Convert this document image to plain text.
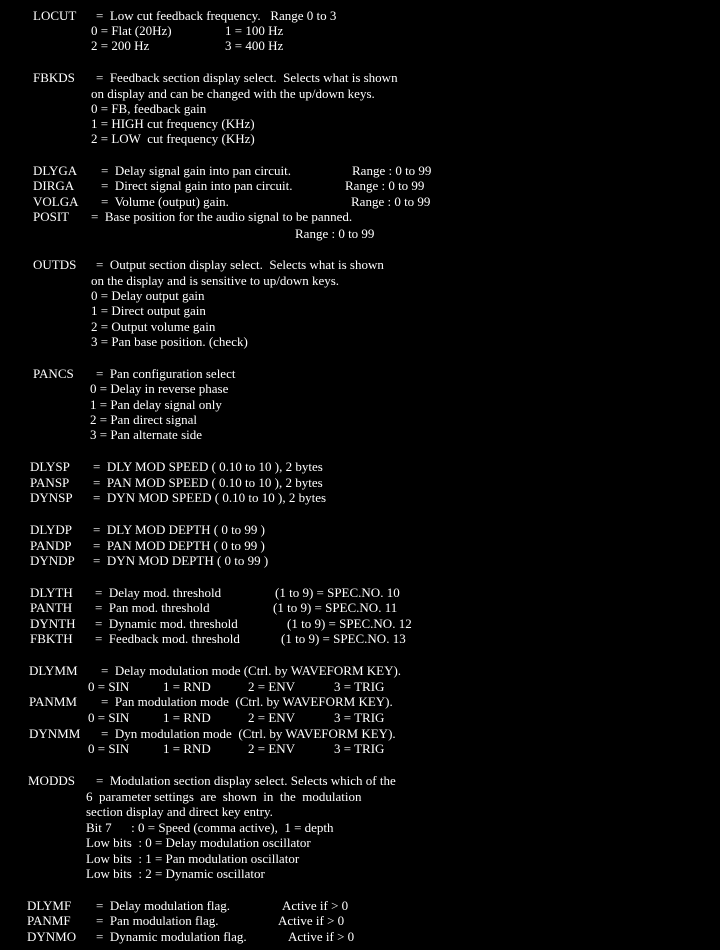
LOCUT =  Low cut feedback frequency.   Range 0 to 3
0 = Flat (20Hz)	1 = 100 Hz
2 = 200 Hz	3 = 400 Hz
FBKDS =  Feedback section display select.  Selects what is shown
on display and can be changed with the up/down keys.
0 = FB, feedback gain
1 = HIGH cut frequency (KHz)
2 = LOW  cut frequency (KHz)
DLYGA =  Delay signal gain into pan circuit.	Range : 0 to 99
DIRGA =  Direct signal gain into pan circuit.	Range : 0 to 99
VOLGA =  Volume (output) gain.	Range : 0 to 99
POSIT =  Base position for the audio signal to be panned.
Range : 0 to 99
OUTDS =  Output section display select.  Selects what is shown
on the display and is sensitive to up/down keys.
0 = Delay output gain
1 = Direct output gain
2 = Output volume gain
3 = Pan base position. (check)
PANCS =  Pan configuration select
0 = Delay in reverse phase
1 = Pan delay signal only
2 = Pan direct signal
3 = Pan alternate side
DLYSP =  DLY MOD SPEED ( 0.10 to 10 ), 2 bytes
PANSP =  PAN MOD SPEED ( 0.10 to 10 ), 2 bytes
DYNSP =  DYN MOD SPEED ( 0.10 to 10 ), 2 bytes
DLYDP =  DLY MOD DEPTH ( 0 to 99 )
PANDP =  PAN MOD DEPTH ( 0 to 99 )
DYNDP =  DYN MOD DEPTH ( 0 to 99 )
DLYTH =  Delay mod. threshold	(1 to 9) = SPEC.NO. 10
PANTH =  Pan mod. threshold	(1 to 9) = SPEC.NO. 11
DYNTH =  Dynamic mod. threshold	(1 to 9) = SPEC.NO. 12
FBKTH =  Feedback mod. threshold	(1 to 9) = SPEC.NO. 13
DLYMM =  Delay modulation mode (Ctrl. by WAVEFORM KEY).
0 = SIN	1 = RND	2 = ENV	3 = TRIG
PANMM =  Pan modulation mode  (Ctrl. by WAVEFORM KEY).
0 = SIN	1 = RND	2 = ENV	3 = TRIG
DYNMM =  Dyn modulation mode  (Ctrl. by WAVEFORM KEY).
0 = SIN	1 = RND	2 = ENV	3 = TRIG
MODDS =  Modulation section display select. Selects which of the
6  parameter settings  are  shown  in  the  modulation
section display and direct key entry.
Bit 7      : 0 = Speed (comma active),  1 = depth
Low bits  : 0 = Delay modulation oscillator
Low bits  : 1 = Pan modulation oscillator
Low bits  : 2 = Dynamic oscillator
DLYMF =  Delay modulation flag.	Active if > 0
PANMF =  Pan modulation flag.	Active if > 0
DYNMO =  Dynamic modulation flag.	Active if > 0
